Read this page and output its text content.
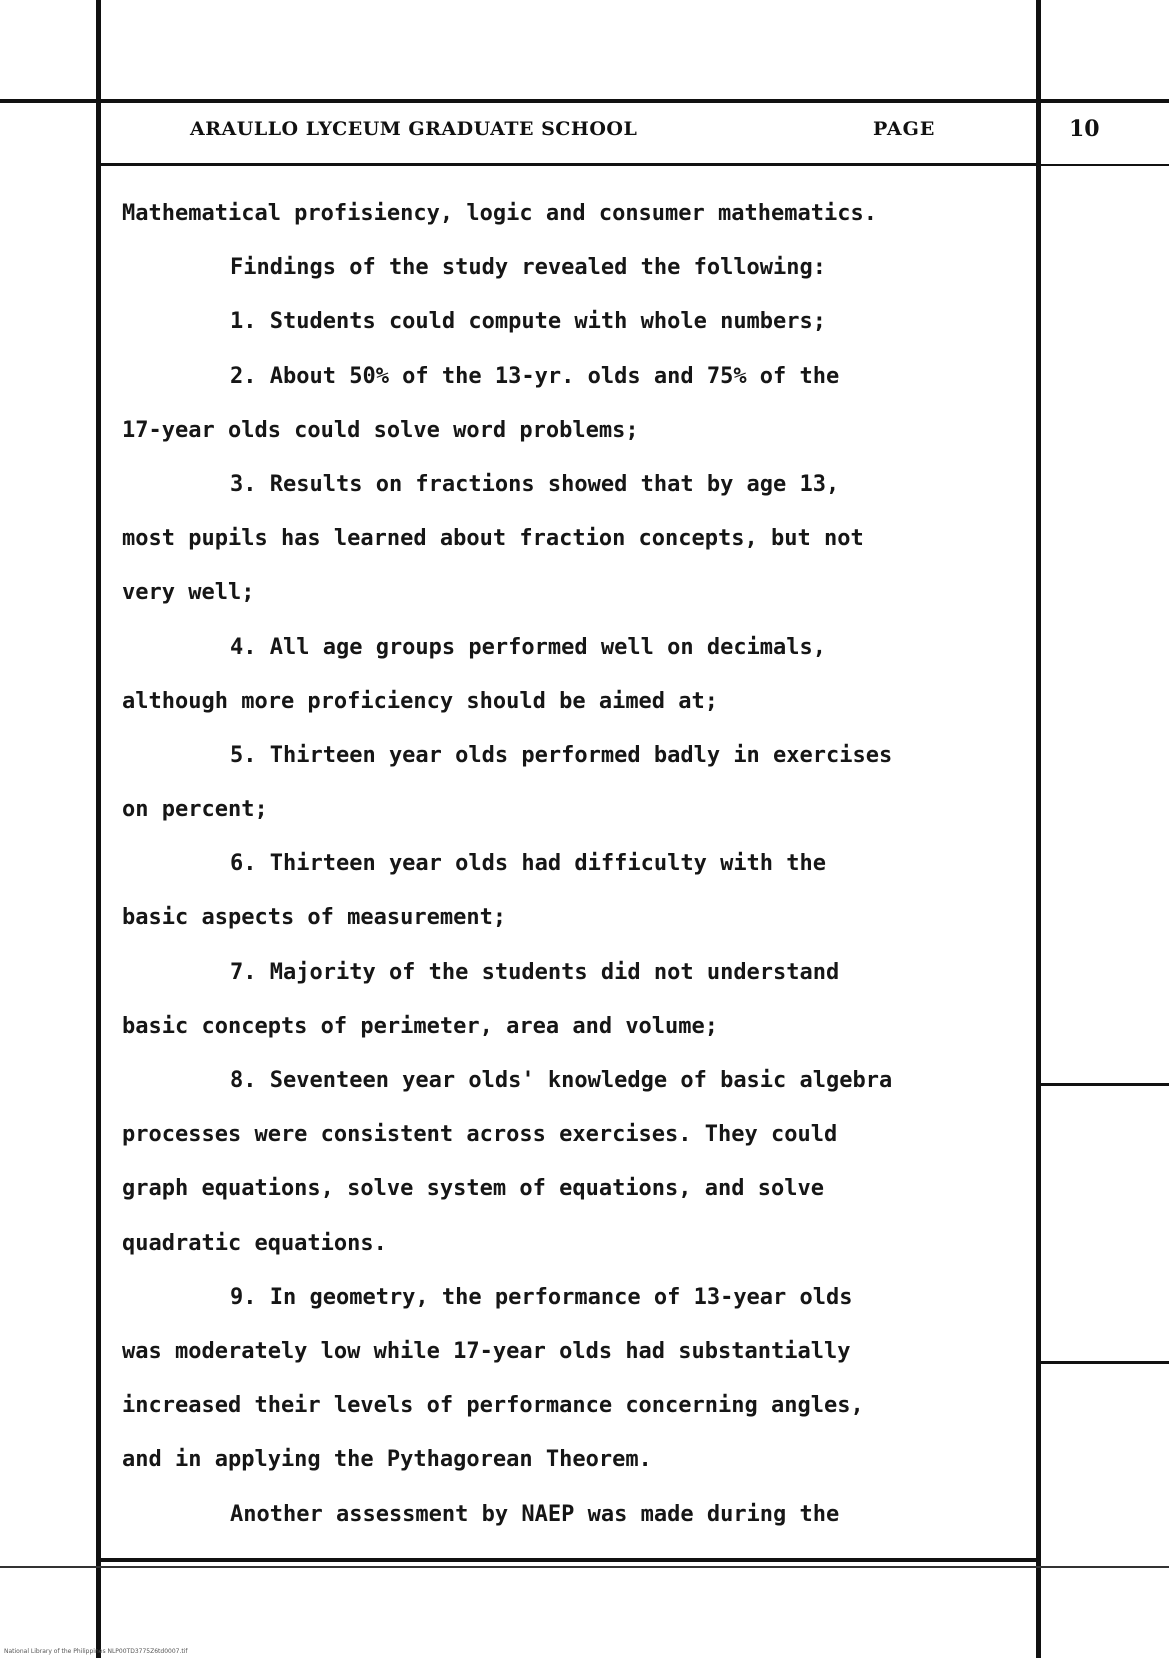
ARAULLO LYCEUM GRADUATE SCHOOL	PAGE	10
Mathematical profisiency, logic and consumer mathematics.
Findings of the study revealed the following:
1. Students could compute with whole numbers;
2. About 50% of the 13-yr. olds and 75% of the
17-year olds could solve word problems;
3. Results on fractions showed that by age 13,
most pupils has learned about fraction concepts, but not
very well;
4. All age groups performed well on decimals,
although more proficiency should be aimed at;
5. Thirteen year olds performed badly in exercises
on percent;
6. Thirteen year olds had difficulty with the
basic aspects of measurement;
7. Majority of the students did not understand
basic concepts of perimeter, area and volume;
8. Seventeen year olds' knowledge of basic algebra
processes were consistent across exercises. They could
graph equations, solve system of equations, and solve
quadratic equations.
9. In geometry, the performance of 13-year olds
was moderately low while 17-year olds had substantially
increased their levels of performance concerning angles,
and in applying the Pythagorean Theorem.
Another assessment by NAEP was made during the
National Library of the Philippines NLP00TD3775Z6td0007.tif
